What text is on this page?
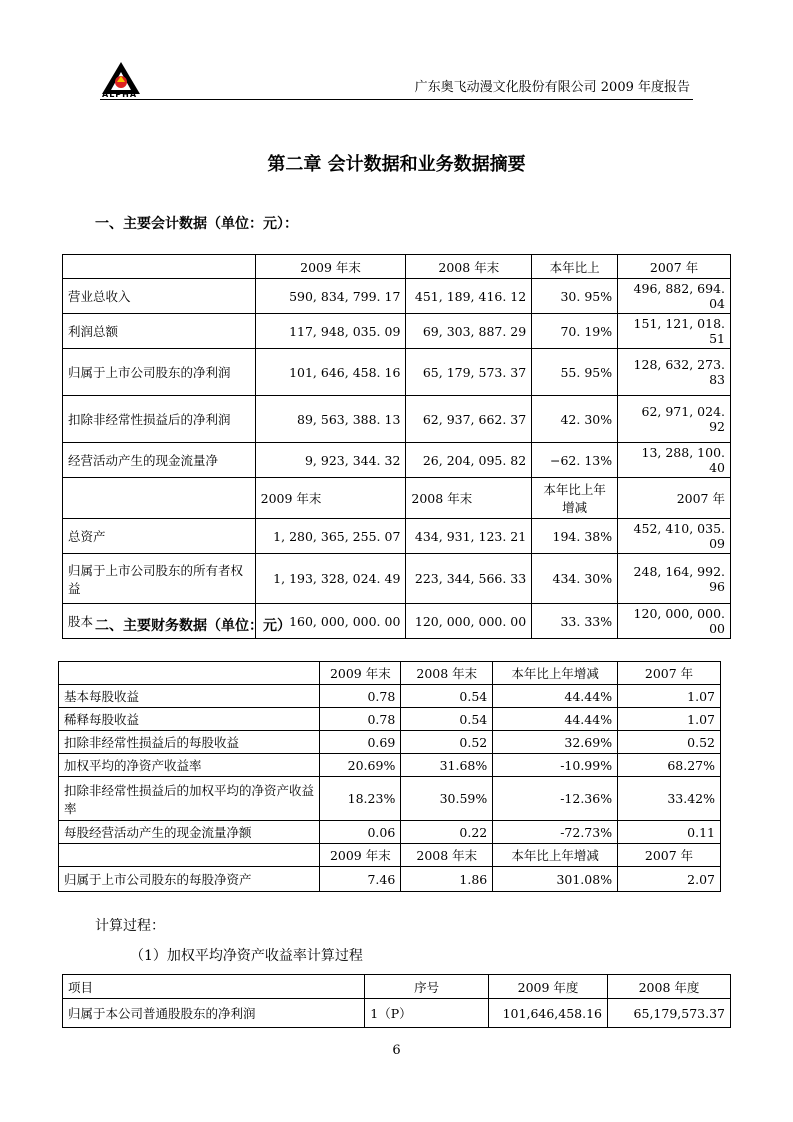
ALPHA	广东奥飞动漫文化股份有限公司 2009 年度报告
第二章 会计数据和业务数据摘要
一、主要会计数据（单位：元）：
	2009 年末	2008 年末	本年比上	2007 年
营业总收入	590, 834, 799. 17	451, 189, 416. 12	30. 95%	496, 882, 694. 04
利润总额	117, 948, 035. 09	69, 303, 887. 29	70. 19%	151, 121, 018. 51
归属于上市公司股东的净利润	101, 646, 458. 16	65, 179, 573. 37	55. 95%	128, 632, 273. 83
扣除非经常性损益后的净利润	89, 563, 388. 13	62, 937, 662. 37	42. 30%	62, 971, 024. 92
经营活动产生的现金流量净	9, 923, 344. 32	26, 204, 095. 82	−62. 13%	13, 288, 100. 40
	2009 年末	2008 年末	本年比上年增减	2007 年
总资产	1, 280, 365, 255. 07	434, 931, 123. 21	194. 38%	452, 410, 035. 09
归属于上市公司股东的所有者权益	1, 193, 328, 024. 49	223, 344, 566. 33	434. 30%	248, 164, 992. 96
股本	160, 000, 000. 00	120, 000, 000. 00	33. 33%	120, 000, 000. 00
二、主要财务数据（单位：元）
	2009 年末	2008 年末	本年比上年增减	2007 年
基本每股收益	0.78	0.54	44.44%	1.07
稀释每股收益	0.78	0.54	44.44%	1.07
扣除非经常性损益后的每股收益	0.69	0.52	32.69%	0.52
加权平均的净资产收益率	20.69%	31.68%	-10.99%	68.27%
扣除非经常性损益后的加权平均的净资产收益率	18.23%	30.59%	-12.36%	33.42%
每股经营活动产生的现金流量净额	0.06	0.22	-72.73%	0.11
	2009 年末	2008 年末	本年比上年增减	2007 年
归属于上市公司股东的每股净资产	7.46	1.86	301.08%	2.07
计算过程：
（1）加权平均净资产收益率计算过程
项目	序号	2009 年度	2008 年度
归属于本公司普通股股东的净利润	1（P）	101,646,458.16	65,179,573.37
6
